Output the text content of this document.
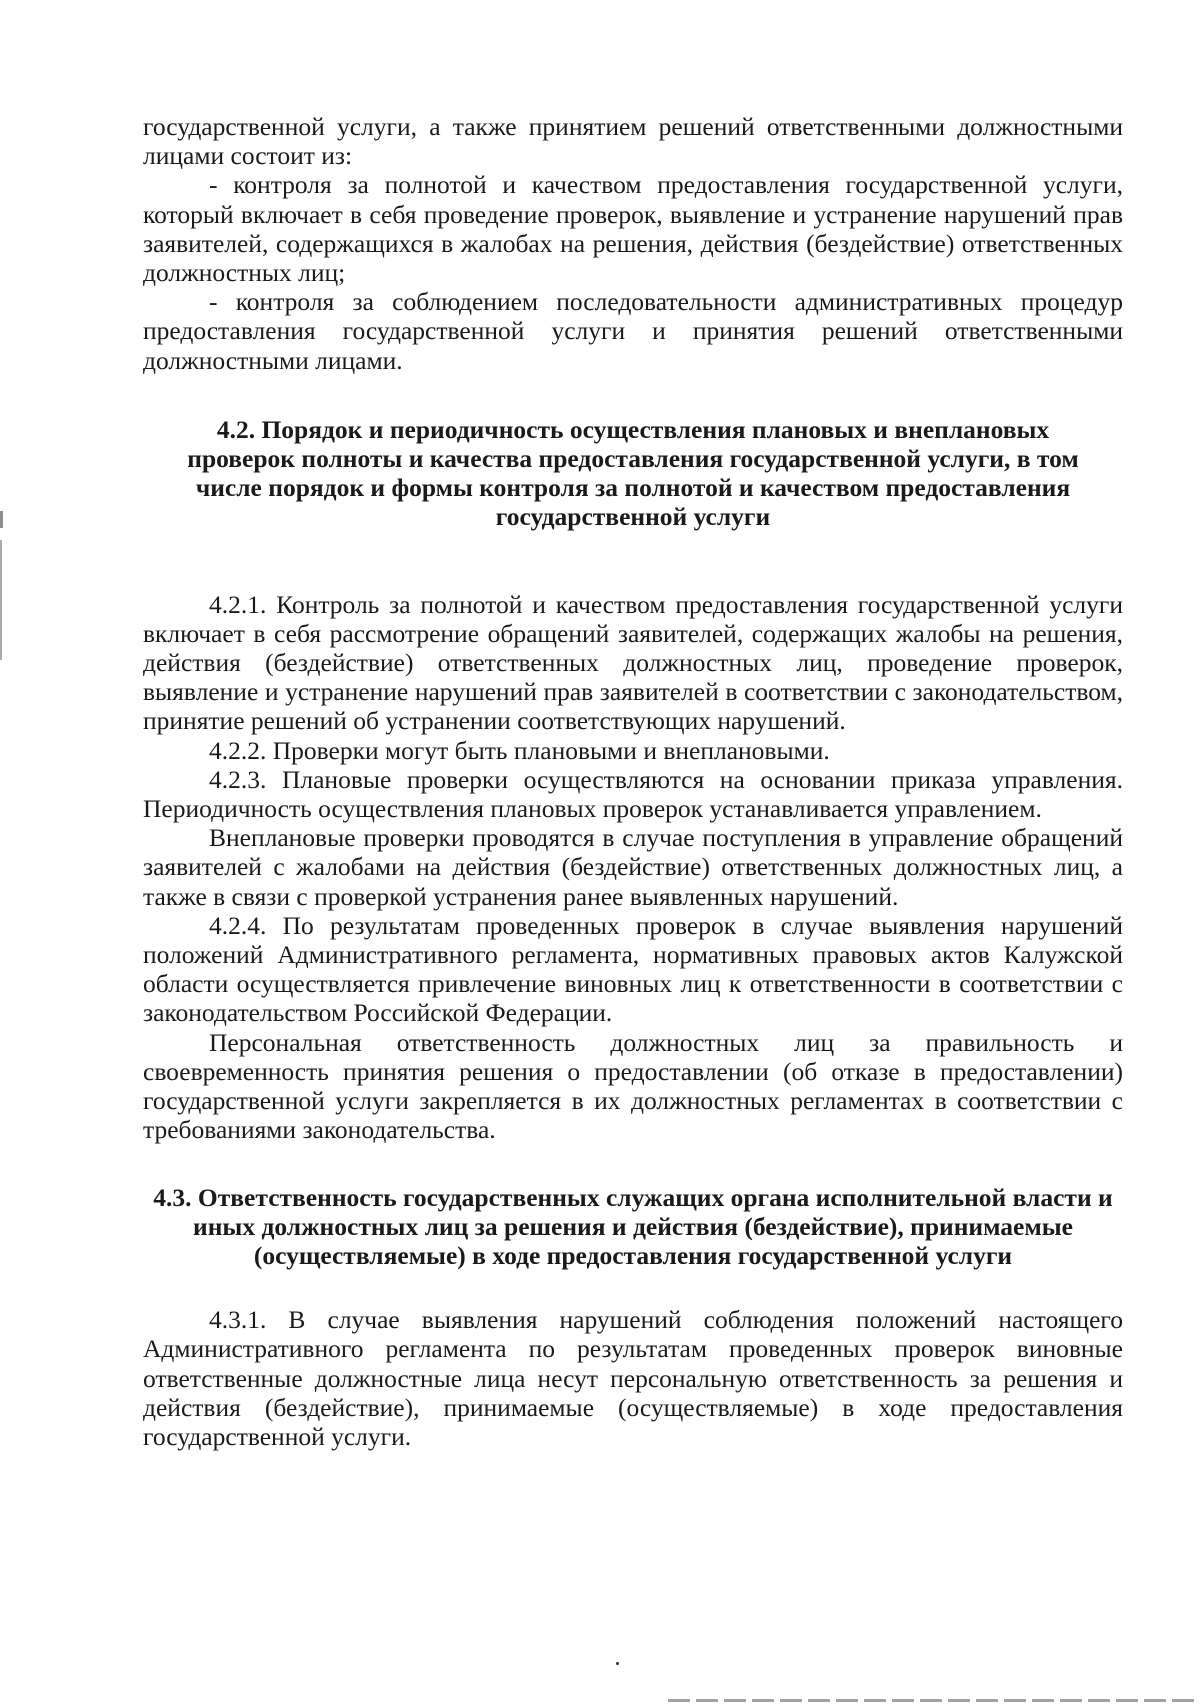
государственной услуги, а также принятием решений ответственными должностными лицами состоит из:

- контроля за полнотой и качеством предоставления государственной услуги, который включает в себя проведение проверок, выявление и устранение нарушений прав заявителей, содержащихся в жалобах на решения, действия (бездействие) ответственных должностных лиц;

- контроля за соблюдением последовательности административных процедур предоставления государственной услуги и принятия решений ответственными должностными лицами.

4.2. Порядок и периодичность осуществления плановых и внеплановых проверок полноты и качества предоставления государственной услуги, в том числе порядок и формы контроля за полнотой и качеством предоставления государственной услуги

4.2.1. Контроль за полнотой и качеством предоставления государственной услуги включает в себя рассмотрение обращений заявителей, содержащих жалобы на решения, действия (бездействие) ответственных должностных лиц, проведение проверок, выявление и устранение нарушений прав заявителей в соответствии с законодательством, принятие решений об устранении соответствующих нарушений.

4.2.2. Проверки могут быть плановыми и внеплановыми.

4.2.3. Плановые проверки осуществляются на основании приказа управления. Периодичность осуществления плановых проверок устанавливается управлением.

Внеплановые проверки проводятся в случае поступления в управление обращений заявителей с жалобами на действия (бездействие) ответственных должностных лиц, а также в связи с проверкой устранения ранее выявленных нарушений.

4.2.4. По результатам проведенных проверок в случае выявления нарушений положений Административного регламента, нормативных правовых актов Калужской области осуществляется привлечение виновных лиц к ответственности в соответствии с законодательством Российской Федерации.

Персональная ответственность должностных лиц за правильность и своевременность принятия решения о предоставлении (об отказе в предоставлении) государственной услуги закрепляется в их должностных регламентах в соответствии с требованиями законодательства.

4.3. Ответственность государственных служащих органа исполнительной власти и иных должностных лиц за решения и действия (бездействие), принимаемые (осуществляемые) в ходе предоставления государственной услуги

4.3.1. В случае выявления нарушений соблюдения положений настоящего Административного регламента по результатам проведенных проверок виновные ответственные должностные лица несут персональную ответственность за решения и действия (бездействие), принимаемые (осуществляемые) в ходе предоставления государственной услуги.
